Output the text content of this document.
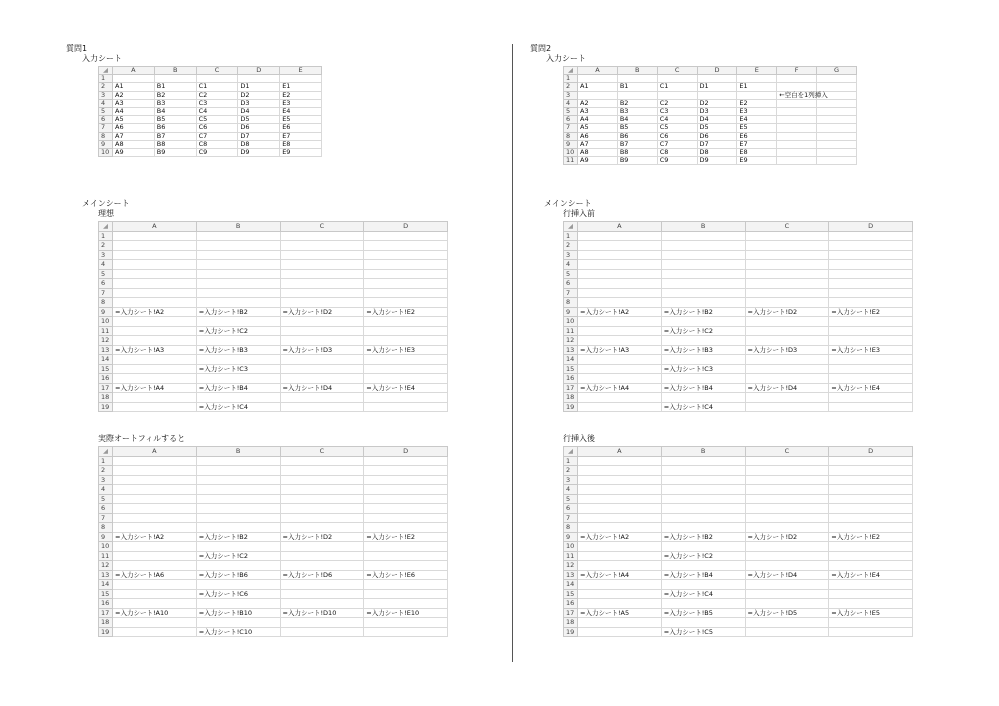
質問1
入力シート
◢	A	B	C	D	E
1					
2	A1	B1	C1	D1	E1
3	A2	B2	C2	D2	E2
4	A3	B3	C3	D3	E3
5	A4	B4	C4	D4	E4
6	A5	B5	C5	D5	E5
7	A6	B6	C6	D6	E6
8	A7	B7	C7	D7	E7
9	A8	B8	C8	D8	E8
10	A9	B9	C9	D9	E9
メインシート
理想
◢	A	B	C	D
1				
2				
3				
4				
5				
6				
7				
8				
9	=入力シート!A2	=入力シート!B2	=入力シート!D2	=入力シート!E2
10				
11		=入力シート!C2		
12				
13	=入力シート!A3	=入力シート!B3	=入力シート!D3	=入力シート!E3
14				
15		=入力シート!C3		
16				
17	=入力シート!A4	=入力シート!B4	=入力シート!D4	=入力シート!E4
18				
19		=入力シート!C4		
実際オートフィルすると
◢	A	B	C	D
1				
2				
3				
4				
5				
6				
7				
8				
9	=入力シート!A2	=入力シート!B2	=入力シート!D2	=入力シート!E2
10				
11		=入力シート!C2		
12				
13	=入力シート!A6	=入力シート!B6	=入力シート!D6	=入力シート!E6
14				
15		=入力シート!C6		
16				
17	=入力シート!A10	=入力シート!B10	=入力シート!D10	=入力シート!E10
18				
19		=入力シート!C10		
質問2
入力シート
◢	A	B	C	D	E	F	G
1							
2	A1	B1	C1	D1	E1		
3						←空白を1列挿入	
4	A2	B2	C2	D2	E2		
5	A3	B3	C3	D3	E3		
6	A4	B4	C4	D4	E4		
7	A5	B5	C5	D5	E5		
8	A6	B6	C6	D6	E6		
9	A7	B7	C7	D7	E7		
10	A8	B8	C8	D8	E8		
11	A9	B9	C9	D9	E9		
メインシート
行挿入前
◢	A	B	C	D
1				
2				
3				
4				
5				
6				
7				
8				
9	=入力シート!A2	=入力シート!B2	=入力シート!D2	=入力シート!E2
10				
11		=入力シート!C2		
12				
13	=入力シート!A3	=入力シート!B3	=入力シート!D3	=入力シート!E3
14				
15		=入力シート!C3		
16				
17	=入力シート!A4	=入力シート!B4	=入力シート!D4	=入力シート!E4
18				
19		=入力シート!C4		
行挿入後
◢	A	B	C	D
1				
2				
3				
4				
5				
6				
7				
8				
9	=入力シート!A2	=入力シート!B2	=入力シート!D2	=入力シート!E2
10				
11		=入力シート!C2		
12				
13	=入力シート!A4	=入力シート!B4	=入力シート!D4	=入力シート!E4
14				
15		=入力シート!C4		
16				
17	=入力シート!A5	=入力シート!B5	=入力シート!D5	=入力シート!E5
18				
19		=入力シート!C5		
